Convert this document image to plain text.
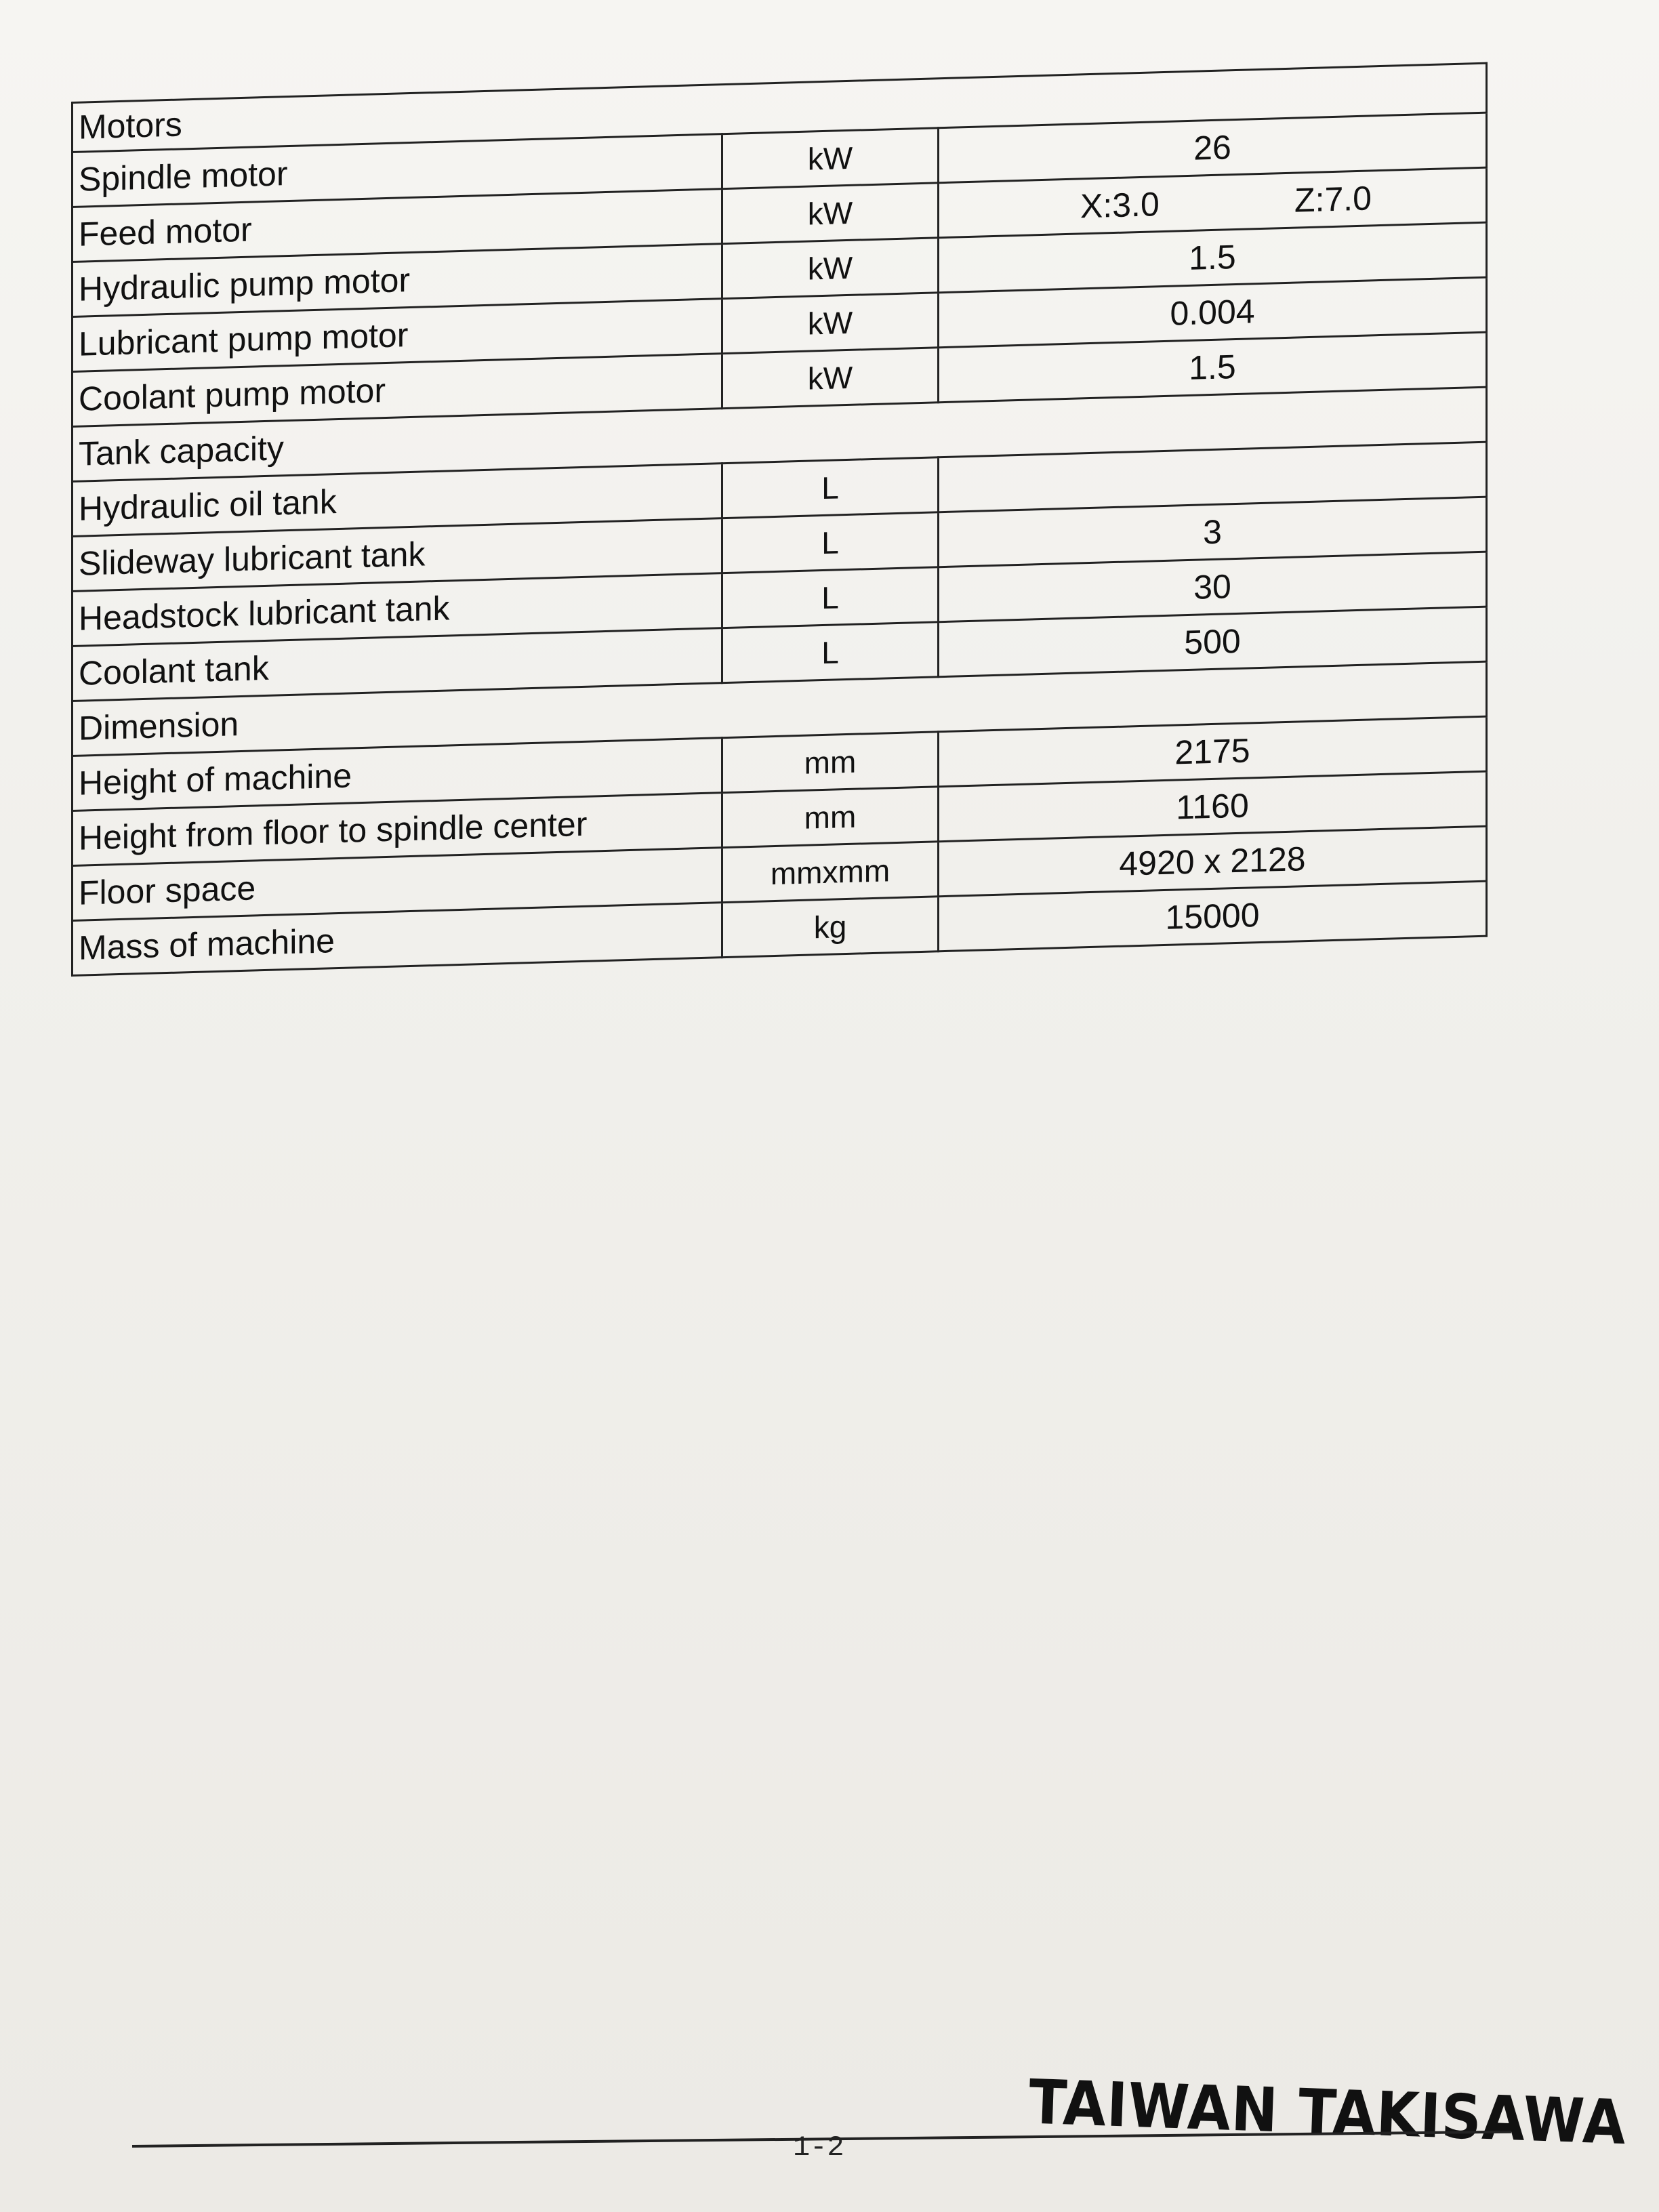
Motors		
Spindle motor	kW	26
Feed motor	kW	X:3.0 Z:7.0

Hydraulic pump motor	kW	1.5
Lubricant pump motor	kW	0.004
Coolant pump motor	kW	1.5
Tank capacity		
Hydraulic oil tank	L	
Slideway lubricant tank	L	3
Headstock lubricant tank	L	30
Coolant tank	L	500
Dimension		
Height of machine	mm	2175
Height from floor to spindle center	mm	1160
Floor space	mmxmm	4920 x 2128
Mass of machine	kg	15000
TAIWAN TAKISAWA
1-2
